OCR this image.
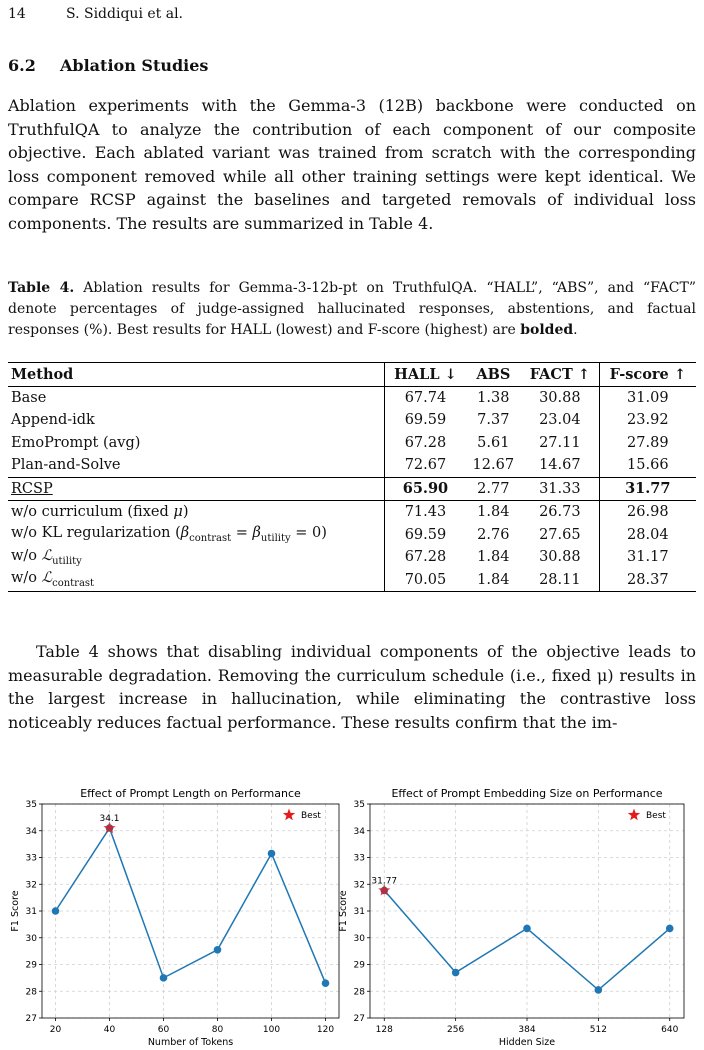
14	S. Siddiqui et al.
6.2 Ablation Studies
Ablation experiments with the Gemma-3 (12B) backbone were conducted on TruthfulQA to analyze the contribution of each component of our composite objective. Each ablated variant was trained from scratch with the corresponding loss component removed while all other training settings were kept identical. We compare RCSP against the baselines and targeted removals of individual loss components. The results are summarized in Table 4.
Table 4. Ablation results for Gemma-3-12b-pt on TruthfulQA. “HALL”, “ABS”, and “FACT” denote percentages of judge-assigned hallucinated responses, abstentions, and factual responses (%). Best results for HALL (lowest) and F-score (highest) are bolded.
Method	HALL ↓	ABS	FACT ↑	F-score ↑
Base	67.74	1.38	30.88	31.09
Append-idk	69.59	7.37	23.04	23.92
EmoPrompt (avg)	67.28	5.61	27.11	27.89
Plan-and-Solve	72.67	12.67	14.67	15.66
RCSP	65.90	2.77	31.33	31.77
w/o curriculum (fixed μ)	71.43	1.84	26.73	26.98
w/o KL regularization $(\beta_{contrast} = \beta_{utility} = 0)$	69.59	2.76	27.65	28.04
w/o ℒ$_{utility}$	67.28	1.84	30.88	31.17
w/o ℒ$_{contrast}$	70.05	1.84	28.11	28.37
Table 4 shows that disabling individual components of the objective leads to measurable degradation. Removing the curriculum schedule (i.e., fixed μ) results in the largest increase in hallucination, while eliminating the contrastive loss noticeably reduces factual performance. These results confirm that the im-
27
28
29
30
31
32
33
34
35
20	40	60	80	100	120
Effect of Prompt Length on Performance
Number of Tokens
F1 Score
34.1	Best
27
28
29
30
31
32
33
34
35
128	256	384	512	640
Effect of Prompt Embedding Size on Performance
Hidden Size
F1 Score
31.77
Best
